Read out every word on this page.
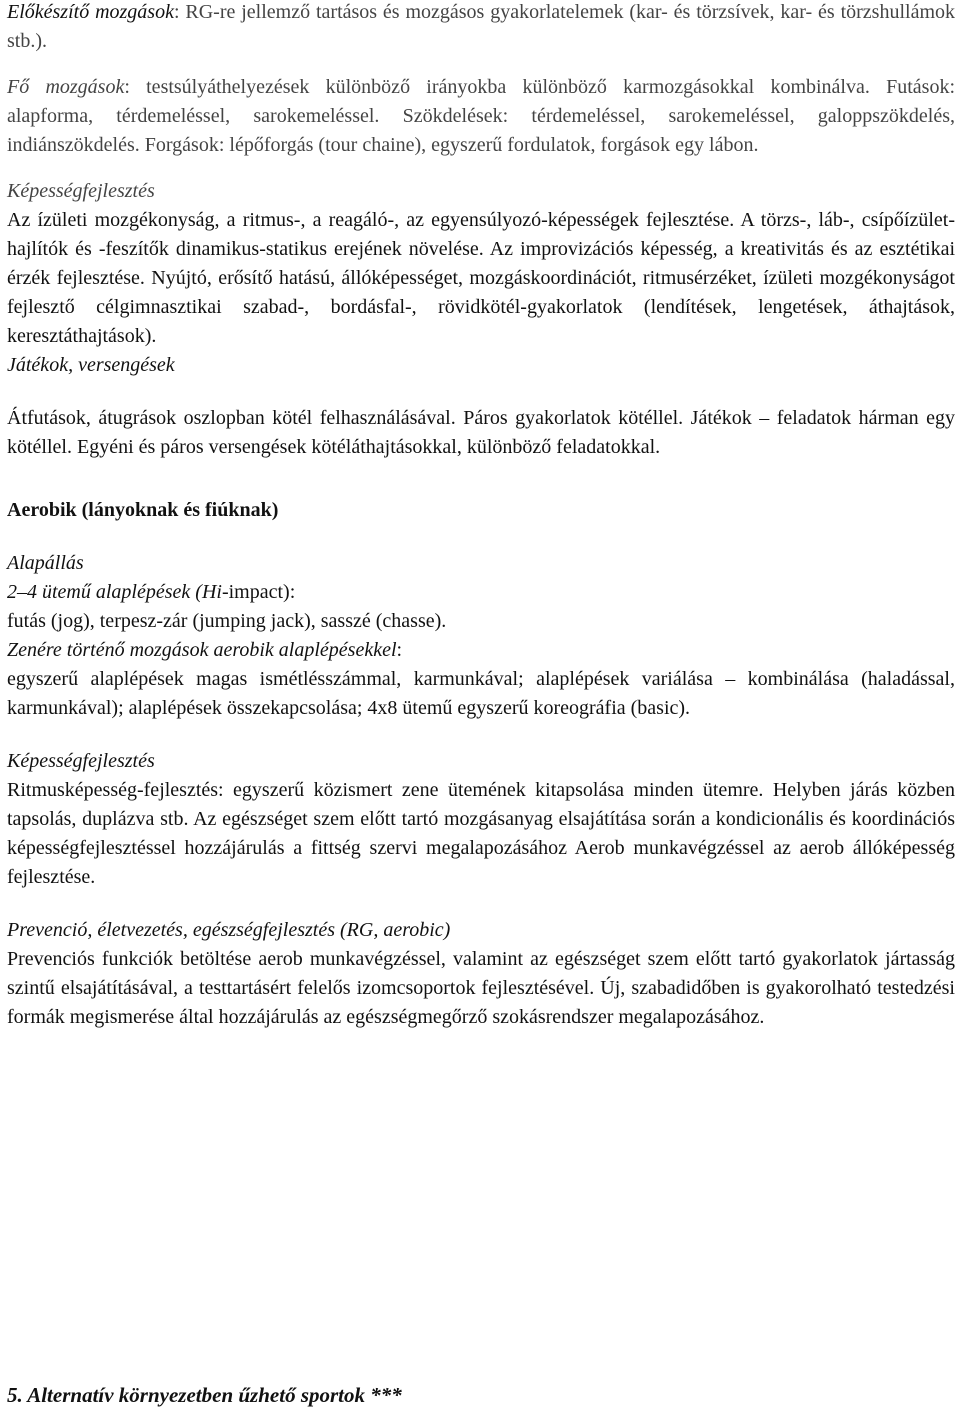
Előkészítő mozgások: RG-re jellemző tartásos és mozgásos gyakorlatelemek (kar- és törzsívek, kar- és törzshullámok stb.).

Fő mozgások: testsúlyáthelyezések különböző irányokba különböző karmozgásokkal kombinálva. Futások: alapforma, térdemeléssel, sarokemeléssel. Szökdelések: térdemeléssel, sarokemeléssel, galoppszökdelés, indiánszökdelés. Forgások: lépőforgás (tour chaine), egyszerű fordulatok, forgások egy lábon.

Képességfejlesztés

Az ízületi mozgékonyság, a ritmus-, a reagáló-, az egyensúlyozó-képességek fejlesztése. A törzs-, láb-, csípőízület-hajlítók és -feszítők dinamikus-statikus erejének növelése. Az improvizációs képesség, a kreativitás és az esztétikai érzék fejlesztése. Nyújtó, erősítő hatású, állóképességet, mozgáskoordinációt, ritmusérzéket, ízületi mozgékonyságot fejlesztő célgimnasztikai szabad-, bordásfal-, rövidkötél-gyakorlatok (lendítések, lengetések, áthajtások, keresztáthajtások).

Játékok, versengések

Átfutások, átugrások oszlopban kötél felhasználásával. Páros gyakorlatok kötéllel. Játékok – feladatok hárman egy kötéllel. Egyéni és páros versengések kötéláthajtásokkal, különböző feladatokkal.

Aerobik (lányoknak és fiúknak)

Alapállás

2–4 ütemű alaplépések (Hi-impact):

futás (jog), terpesz-zár (jumping jack), sasszé (chasse).

Zenére történő mozgások aerobik alaplépésekkel:

egyszerű alaplépések magas ismétlésszámmal, karmunkával; alaplépések variálása – kombinálása (haladással, karmunkával); alaplépések összekapcsolása; 4x8 ütemű egyszerű koreográfia (basic).

Képességfejlesztés

Ritmusképesség-fejlesztés: egyszerű közismert zene ütemének kitapsolása minden ütemre. Helyben járás közben tapsolás, duplázva stb. Az egészséget szem előtt tartó mozgásanyag elsajátítása során a kondicionális és koordinációs képességfejlesztéssel hozzájárulás a fittség szervi megalapozásához Aerob munkavégzéssel az aerob állóképesség fejlesztése.

Prevenció, életvezetés, egészségfejlesztés (RG, aerobic)

Prevenciós funkciók betöltése aerob munkavégzéssel, valamint az egészséget szem előtt tartó gyakorlatok jártasság szintű elsajátításával, a testtartásért felelős izomcsoportok fejlesztésével. Új, szabadidőben is gyakorolható testedzési formák megismerése által hozzájárulás az egészségmegőrző szokásrendszer megalapozásához.

5. Alternatív környezetben űzhető sportok ***
